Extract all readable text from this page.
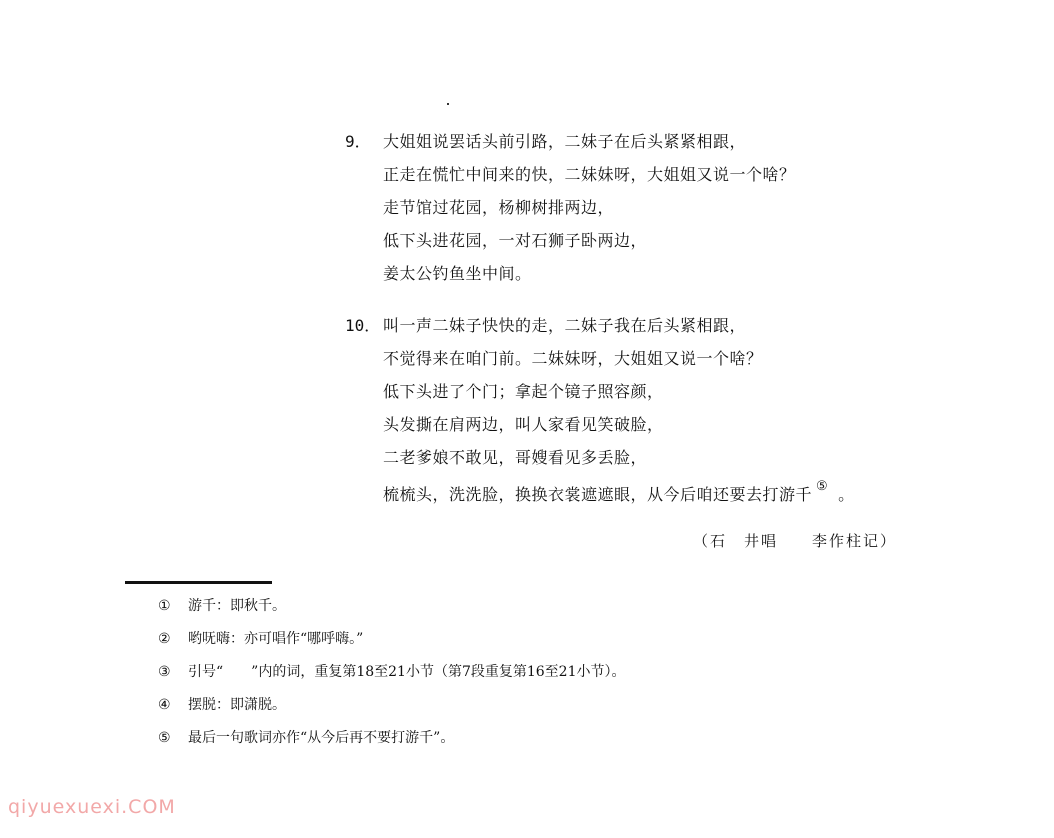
9． 大姐姐说罢话头前引路，二妹子在后头紧紧相跟，
正走在慌忙中间来的快，二妹妹呀，大姐姐又说一个啥？
走节馆过花园，杨柳树排两边，
低下头进花园，一对石狮子卧两边，
姜太公钓鱼坐中间。
10． 叫一声二妹子快快的走，二妹子我在后头紧相跟，
不觉得来在咱门前。二妹妹呀，大姐姐又说一个啥？
低下头进了个门；拿起个镜子照容颜，
头发撕在肩两边，叫人家看见笑破脸，
二老爹娘不敢见，哥嫂看见多丢脸，
梳梳头，洗洗脸，换换衣裳遮遮眼，从今后咱还要去打游千 ⑤ 。
（石　井唱　　李作柱记）
① 游千：即秋千。
② 哟呒嗨：亦可唱作“哪呼嗨。”
③ 引号“　　”内的词，重复第18至21小节（第7段重复第16至21小节）。
④ 摆脱：即潇脱。
⑤ 最后一句歌词亦作“从今后再不要打游千”。
qiyuexuexi.COM
